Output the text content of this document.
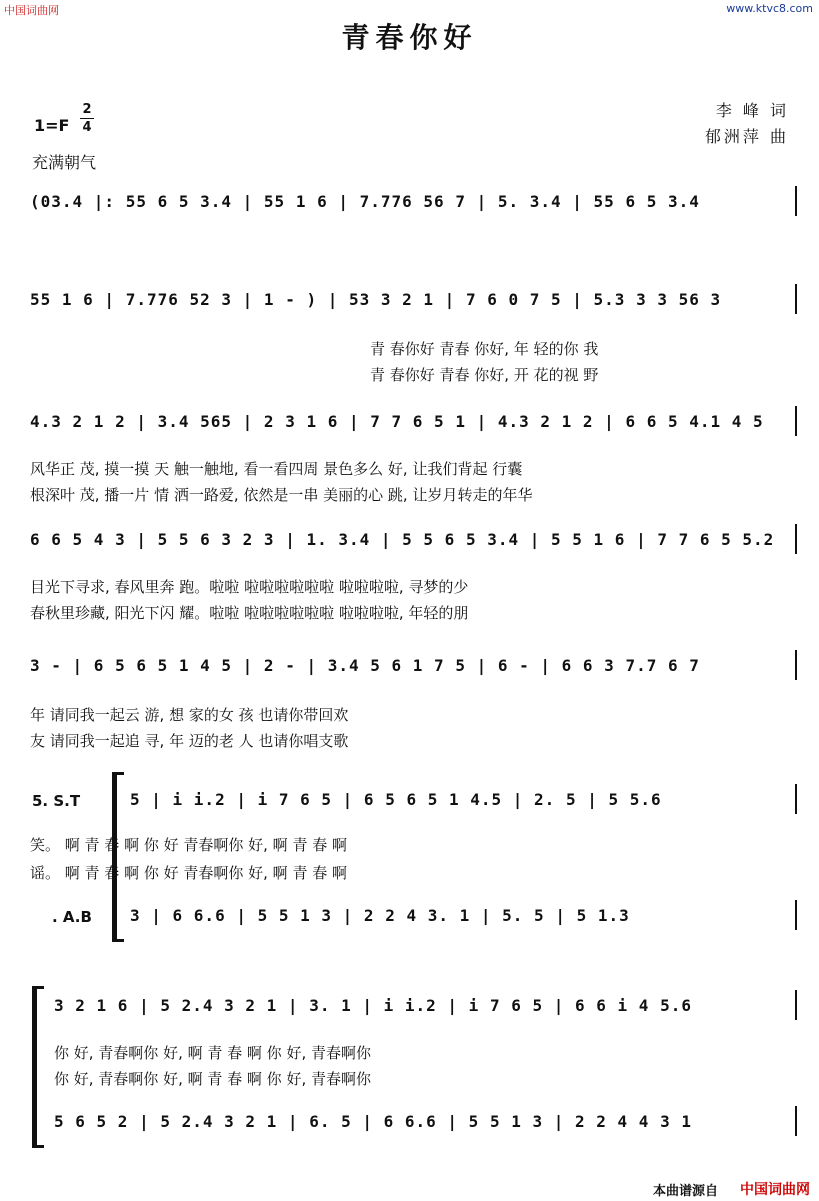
中国词曲网	www.ktvc8.com
青春你好
李 峰 词
郁洲萍 曲
1=F
2
4
充满朝气
(03.4 |: 55 6 5 3.4 | 55 1 6 | 7.776 56 7 | 5. 3.4 | 55 6 5 3.4
55 1 6 | 7.776 52 3 | 1 - ) | 53 3 2 1 | 7 6 0 7 5 | 5.3 3 3 56 3
青 春你好 青春 你好, 年 轻的你 我
青 春你好 青春 你好, 开 花的视 野
4.3 2 1 2 | 3.4 565 | 2 3 1 6 | 7 7 6 5 1 | 4.3 2 1 2 | 6 6 5 4.1 4 5
风华正 茂, 摸一摸 天 触一触地, 看一看四周 景色多么 好, 让我们背起 行囊
根深叶 茂, 播一片 情 洒一路爱, 依然是一串 美丽的心 跳, 让岁月转走的年华
6 6 5 4 3 | 5 5 6 3 2 3 | 1. 3.4 | 5 5 6 5 3.4 | 5 5 1 6 | 7 7 6 5 5.2
目光下寻求, 春风里奔 跑。啦啦 啦啦啦啦啦啦 啦啦啦啦, 寻梦的少
春秋里珍藏, 阳光下闪 耀。啦啦 啦啦啦啦啦啦 啦啦啦啦, 年轻的朋
3 - | 6 5 6 5 1 4 5 | 2 - | 3.4 5 6 1 7 5 | 6 - | 6 6 3 7.7 6 7
年 请同我一起云 游, 想 家的女 孩 也请你带回欢
友 请同我一起追 寻, 年 迈的老 人 也请你唱支歌
5. S.T	5 | i i.2 | i 7 6 5 | 6 5 6 5 1 4.5 | 2. 5 | 5 5.6
笑。 啊 青 春 啊 你 好 青春啊你 好, 啊 青 春 啊
谣。 啊 青 春 啊 你 好 青春啊你 好, 啊 青 春 啊
. A.B 3 | 6 6.6 | 5 5 1 3 | 2 2 4 3. 1 | 5. 5 | 5 1.3
3 2 1 6 | 5 2.4 3 2 1 | 3. 1 | i i.2 | i 7 6 5 | 6 6 i 4 5.6
你 好, 青春啊你 好, 啊 青 春 啊 你 好, 青春啊你
你 好, 青春啊你 好, 啊 青 春 啊 你 好, 青春啊你
5 6 5 2 | 5 2.4 3 2 1 | 6. 5 | 6 6.6 | 5 5 1 3 | 2 2 4 4 3 1
本曲谱源自 中国词曲网
